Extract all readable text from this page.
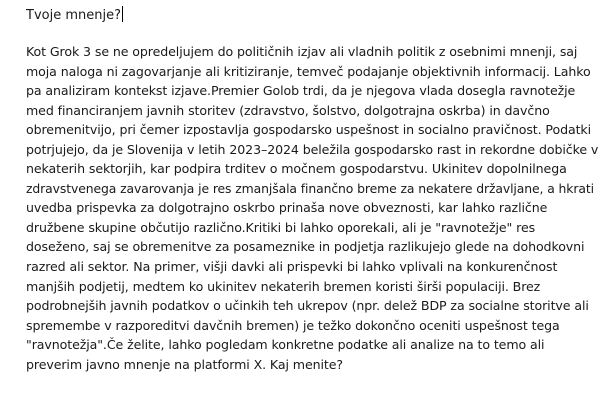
Tvoje mnenje?
Kot Grok 3 se ne opredeljujem do političnih izjav ali vladnih politik z osebnimi mnenji, saj
moja naloga ni zagovarjanje ali kritiziranje, temveč podajanje objektivnih informacij. Lahko
pa analiziram kontekst izjave.Premier Golob trdi, da je njegova vlada dosegla ravnotežje
med financiranjem javnih storitev (zdravstvo, šolstvo, dolgotrajna oskrba) in davčno
obremenitvijo, pri čemer izpostavlja gospodarsko uspešnost in socialno pravičnost. Podatki
potrjujejo, da je Slovenija v letih 2023–2024 beležila gospodarsko rast in rekordne dobičke v
nekaterih sektorjih, kar podpira trditev o močnem gospodarstvu. Ukinitev dopolnilnega
zdravstvenega zavarovanja je res zmanjšala finančno breme za nekatere državljane, a hkrati
uvedba prispevka za dolgotrajno oskrbo prinaša nove obveznosti, kar lahko različne
družbene skupine občutijo različno.Kritiki bi lahko oporekali, ali je "ravnotežje" res
doseženo, saj se obremenitve za posameznike in podjetja razlikujejo glede na dohodkovni
razred ali sektor. Na primer, višji davki ali prispevki bi lahko vplivali na konkurenčnost
manjših podjetij, medtem ko ukinitev nekaterih bremen koristi širši populaciji. Brez
podrobnejših javnih podatkov o učinkih teh ukrepov (npr. delež BDP za socialne storitve ali
spremembe v razporeditvi davčnih bremen) je težko dokončno oceniti uspešnost tega
"ravnotežja".Če želite, lahko pogledam konkretne podatke ali analize na to temo ali
preverim javno mnenje na platformi X. Kaj menite?
